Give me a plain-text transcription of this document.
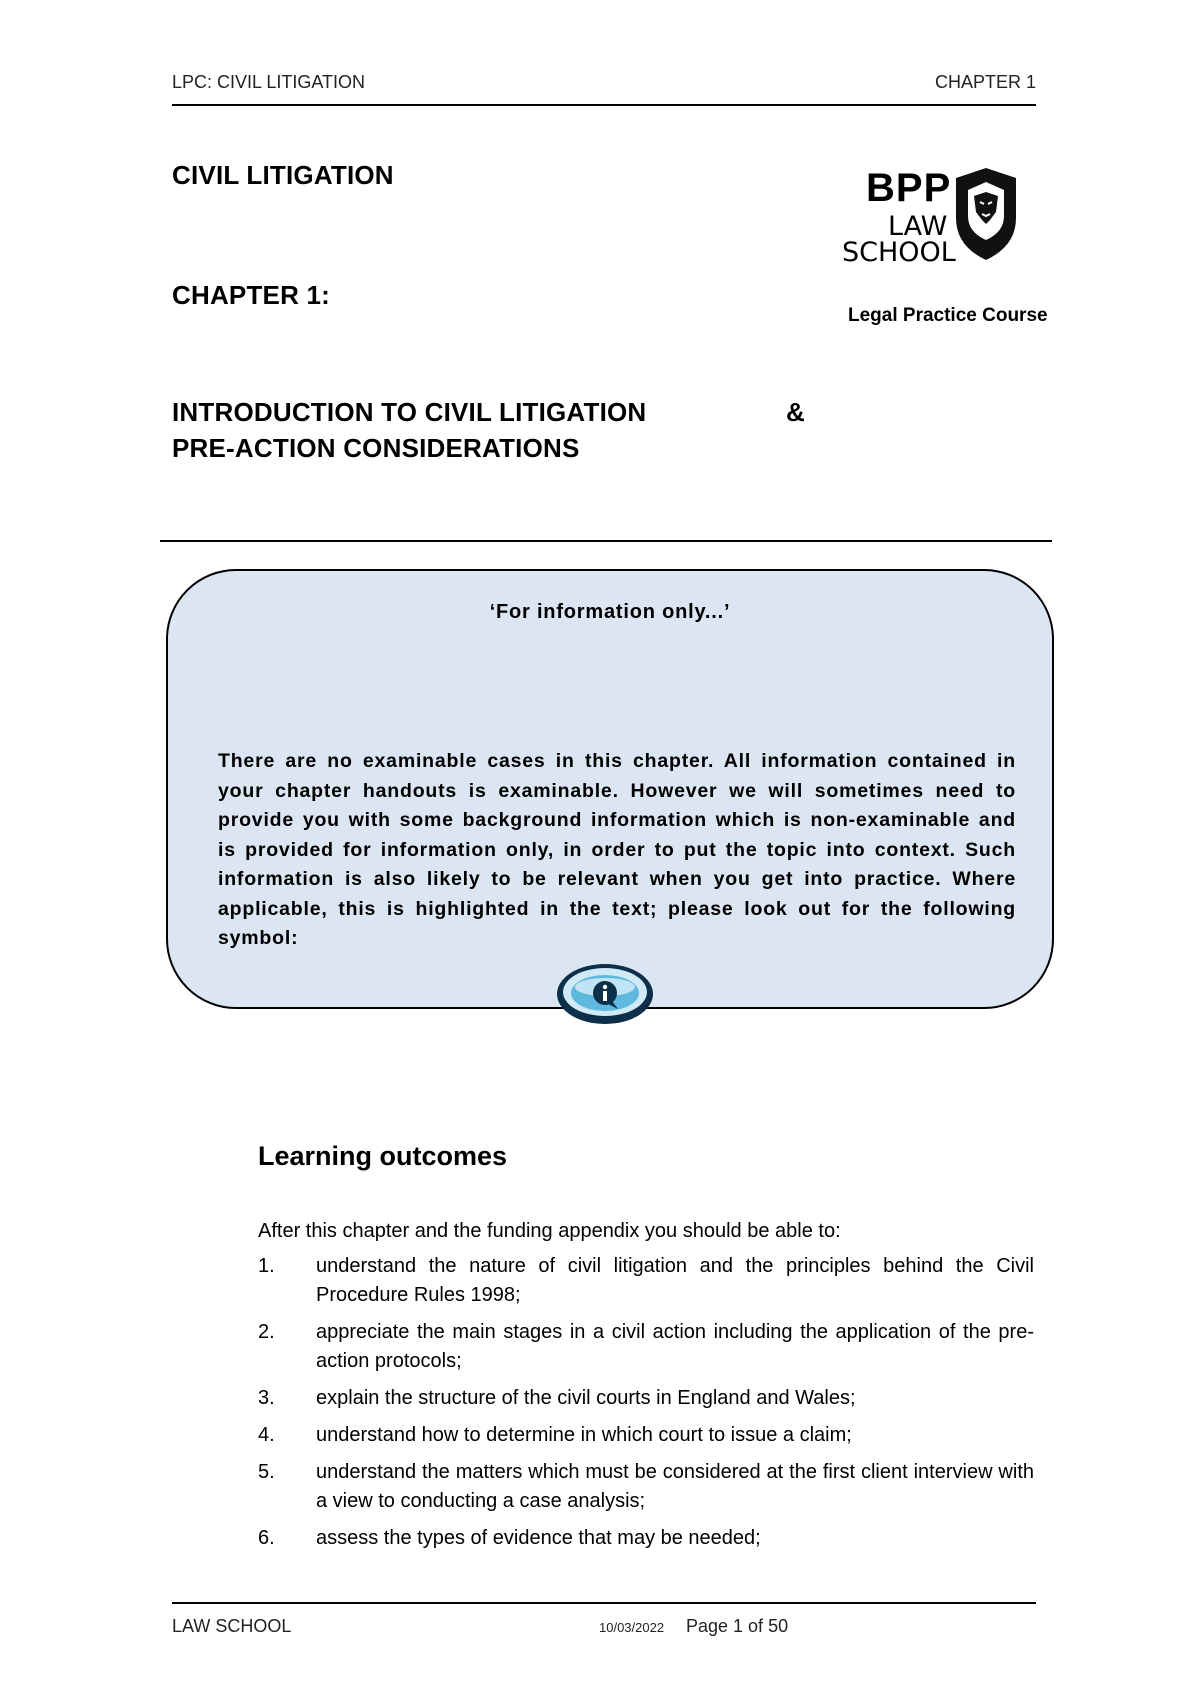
LPC: CIVIL LITIGATION	CHAPTER 1
CIVIL LITIGATION
CHAPTER 1:
INTRODUCTION TO CIVIL LITIGATION	&
PRE-ACTION CONSIDERATIONS
BPP
LAW
SCHOOL
Legal Practice Course
‘For information only...’
There are no examinable cases in this chapter. All information contained in your chapter handouts is examinable. However we will sometimes need to provide you with some background information which is non-examinable and is provided for information only, in order to put the topic into context. Such information is also likely to be relevant when you get into practice. Where applicable, this is highlighted in the text; please look out for the following symbol:
Learning outcomes
After this chapter and the funding appendix you should be able to:
1. understand the nature of civil litigation and the principles behind the Civil Procedure Rules 1998;
2. appreciate the main stages in a civil action including the application of the pre-action protocols;
3. explain the structure of the civil courts in England and Wales;
4. understand how to determine in which court to issue a claim;
5. understand the matters which must be considered at the first client interview with a view to conducting a case analysis;
6. assess the types of evidence that may be needed;
LAW SCHOOL	10/03/2022 Page 1 of 50
